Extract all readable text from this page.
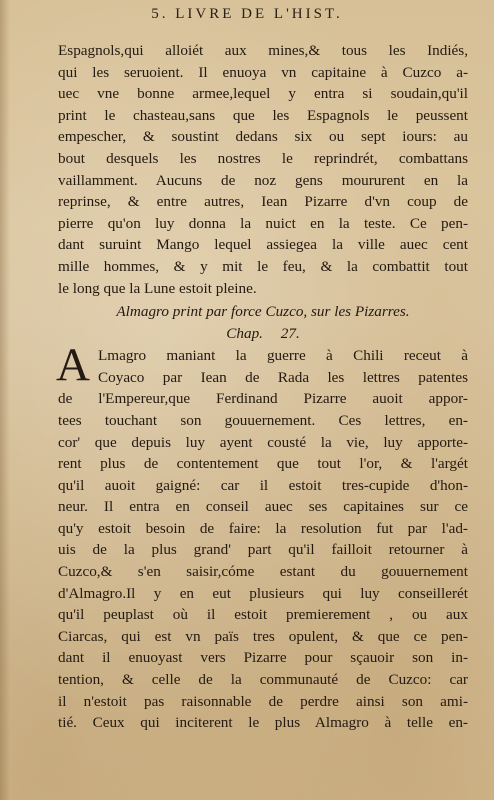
5. LIVRE DE L'HIST.
Espagnols,qui alloiét aux mines,& tous les Indiés,
qui les seruoient. Il enuoya vn capitaine à Cuzco a-
uec vne bonne armee,lequel y entra si soudain,qu'il
print le chasteau,sans que les Espagnols le peussent
empescher, & soustint dedans six ou sept iours: au
bout desquels les nostres le reprindrét, combattans
vaillamment. Aucuns de noz gens moururent en la
reprinse, & entre autres, Iean Pizarre d'vn coup de
pierre qu'on luy donna la nuict en la teste. Ce pen-
dant suruint Mango lequel assiegea la ville auec cent
mille hommes, & y mit le feu, & la combattit tout
le long que la Lune estoit pleine.
Almagro print par force Cuzco, sur les Pizarres.
Chap. 27.
A Lmagro maniant la guerre à Chili receut à
Coyaco par Iean de Rada les lettres patentes
de l'Empereur,que Ferdinand Pizarre auoit appor-
tees touchant son gouuernement. Ces lettres, en-
cor' que depuis luy ayent cousté la vie, luy apporte-
rent plus de contentement que tout l'or, & l'argét
qu'il auoit gaigné: car il estoit tres-cupide d'hon-
neur. Il entra en conseil auec ses capitaines sur ce
qu'y estoit besoin de faire: la resolution fut par l'ad-
uis de la plus grand' part qu'il failloit retourner à
Cuzco,& s'en saisir,cóme estant du gouuernement
d'Almagro.Il y en eut plusieurs qui luy conseillerét
qu'il peuplast où il estoit premierement , ou aux
Ciarcas, qui est vn païs tres opulent, & que ce pen-
dant il enuoyast vers Pizarre pour sçauoir son in-
tention, & celle de la communauté de Cuzco: car
il n'estoit pas raisonnable de perdre ainsi son ami-
tié. Ceux qui inciterent le plus Almagro à telle en-
